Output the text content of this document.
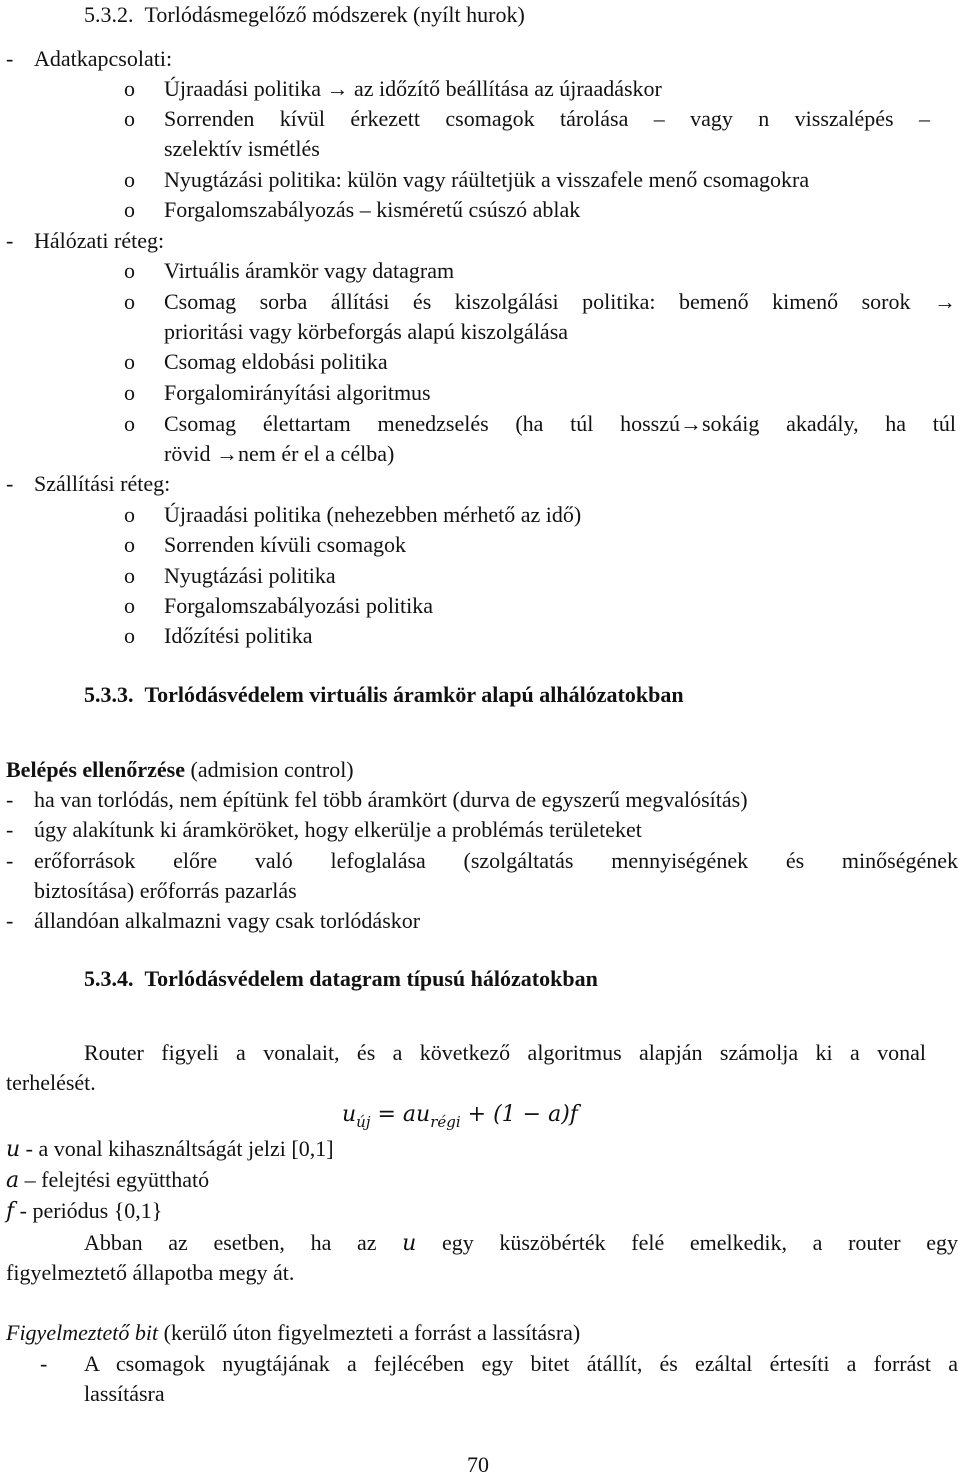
5.3.2. Torlódásmegelőző módszerek (nyílt hurok)
- Adatkapcsolati:
o Újraadási politika → az időzítő beállítása az újraadáskor
o Sorrenden kívül érkezett csomagok tárolása – vagy n visszalépés –
szelektív ismétlés
o Nyugtázási politika: külön vagy ráültetjük a visszafele menő csomagokra
o Forgalomszabályozás – kisméretű csúszó ablak
- Hálózati réteg:
o Virtuális áramkör vagy datagram
o Csomag sorba állítási és kiszolgálási politika: bemenő kimenő sorok →
prioritási vagy körbeforgás alapú kiszolgálása
o Csomag eldobási politika
o Forgalomirányítási algoritmus
o Csomag élettartam menedzselés (ha túl hosszú→sokáig akadály, ha túl
rövid →nem ér el a célba)
- Szállítási réteg:
o Újraadási politika (nehezebben mérhető az idő)
o Sorrenden kívüli csomagok
o Nyugtázási politika
o Forgalomszabályozási politika
o Időzítési politika
5.3.3. Torlódásvédelem virtuális áramkör alapú alhálózatokban
Belépés ellenőrzése (admision control)
- ha van torlódás, nem építünk fel több áramkört (durva de egyszerű megvalósítás)
- úgy alakítunk ki áramköröket, hogy elkerülje a problémás területeket
- erőforrások előre való lefoglalása (szolgáltatás mennyiségének és minőségének
biztosítása) erőforrás pazarlás
- állandóan alkalmazni vagy csak torlódáskor
5.3.4. Torlódásvédelem datagram típusú hálózatokban
Router figyeli a vonalait, és a következő algoritmus alapján számolja ki a vonal
terhelését.
$u_{új} = au_{régi} + (1 - a)f$
u - a vonal kihasználtságát jelzi [0,1]
a – felejtési együttható
f - periódus {0,1}
Abban az esetben, ha az u egy küszöbérték felé emelkedik, a router egy
figyelmeztető állapotba megy át.
Figyelmeztető bit (kerülő úton figyelmezteti a forrást a lassításra)
- A csomagok nyugtájának a fejlécében egy bitet átállít, és ezáltal értesíti a forrást a
lassításra
70
